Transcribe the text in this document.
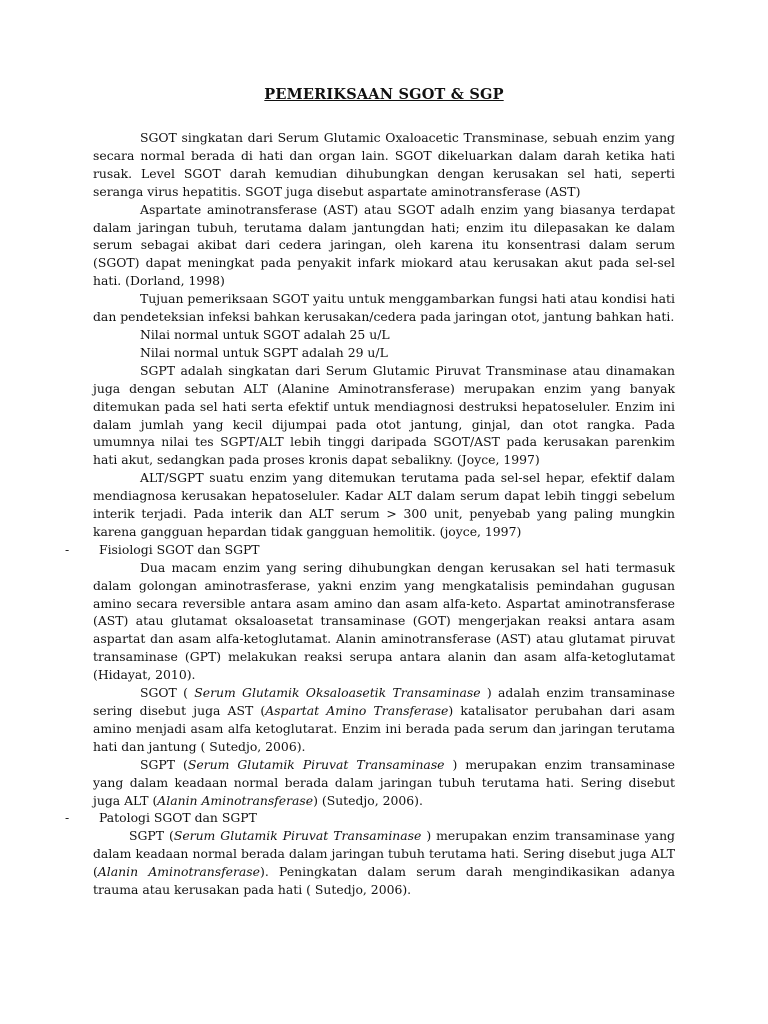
PEMERIKSAAN SGOT & SGP

SGOT singkatan dari Serum Glutamic Oxaloacetic Transminase, sebuah enzim yang secara normal berada di hati dan organ lain. SGOT dikeluarkan dalam darah ketika hati rusak. Level SGOT darah kemudian dihubungkan dengan kerusakan sel hati, seperti seranga virus hepatitis. SGOT juga disebut aspartate aminotransferase (AST)

Aspartate aminotransferase (AST) atau SGOT adalh enzim yang biasanya terdapat dalam jaringan tubuh, terutama dalam jantungdan hati; enzim itu dilepasakan ke dalam serum sebagai akibat dari cedera jaringan, oleh karena itu konsentrasi dalam serum (SGOT) dapat meningkat pada penyakit infark miokard atau kerusakan akut pada sel-sel hati. (Dorland, 1998)

Tujuan pemeriksaan SGOT yaitu untuk menggambarkan fungsi hati atau kondisi hati dan pendeteksian infeksi bahkan kerusakan/cedera pada jaringan otot, jantung bahkan hati.

Nilai normal untuk SGOT adalah 25 u/L

Nilai normal untuk SGPT adalah 29 u/L

SGPT adalah singkatan dari Serum Glutamic Piruvat Transminase atau dinamakan juga dengan sebutan ALT (Alanine Aminotransferase) merupakan enzim yang banyak ditemukan pada sel hati serta efektif untuk mendiagnosi destruksi hepatoseluler. Enzim ini dalam jumlah yang kecil dijumpai pada otot jantung, ginjal, dan otot rangka. Pada umumnya nilai tes SGPT/ALT lebih tinggi daripada SGOT/AST pada kerusakan parenkim hati akut, sedangkan pada proses kronis dapat sebalikny. (Joyce, 1997)

ALT/SGPT suatu enzim yang ditemukan terutama pada sel-sel hepar, efektif dalam mendiagnosa kerusakan hepatoseluler. Kadar ALT dalam serum dapat lebih tinggi sebelum interik terjadi. Pada interik dan ALT serum > 300 unit, penyebab yang paling mungkin karena gangguan hepardan tidak gangguan hemolitik. (joyce, 1997)

- Fisiologi SGOT dan SGPT

Dua macam enzim yang sering dihubungkan dengan kerusakan sel hati termasuk dalam golongan aminotrasferase, yakni enzim yang mengkatalisis pemindahan gugusan amino secara reversible antara asam amino dan asam alfa-keto. Aspartat aminotransferase (AST) atau glutamat oksaloasetat transaminase (GOT) mengerjakan reaksi antara asam aspartat dan asam alfa-ketoglutamat. Alanin aminotransferase (AST) atau glutamat piruvat transaminase (GPT) melakukan reaksi serupa antara alanin dan asam alfa-ketoglutamat (Hidayat, 2010).

SGOT ( Serum Glutamik Oksaloasetik Transaminase ) adalah enzim transaminase sering disebut juga AST (Aspartat Amino Transferase) katalisator perubahan dari asam amino menjadi asam alfa ketoglutarat. Enzim ini berada pada serum dan jaringan terutama hati dan jantung ( Sutedjo, 2006).

SGPT (Serum Glutamik Piruvat Transaminase ) merupakan enzim transaminase yang dalam keadaan normal berada dalam jaringan tubuh terutama hati. Sering disebut juga ALT (Alanin Aminotransferase) (Sutedjo, 2006).

- Patologi SGOT dan SGPT

SGPT (Serum Glutamik Piruvat Transaminase ) merupakan enzim transaminase yang dalam keadaan normal berada dalam jaringan tubuh terutama hati. Sering disebut juga ALT (Alanin Aminotransferase). Peningkatan dalam serum darah mengindikasikan adanya trauma atau kerusakan pada hati ( Sutedjo, 2006).
